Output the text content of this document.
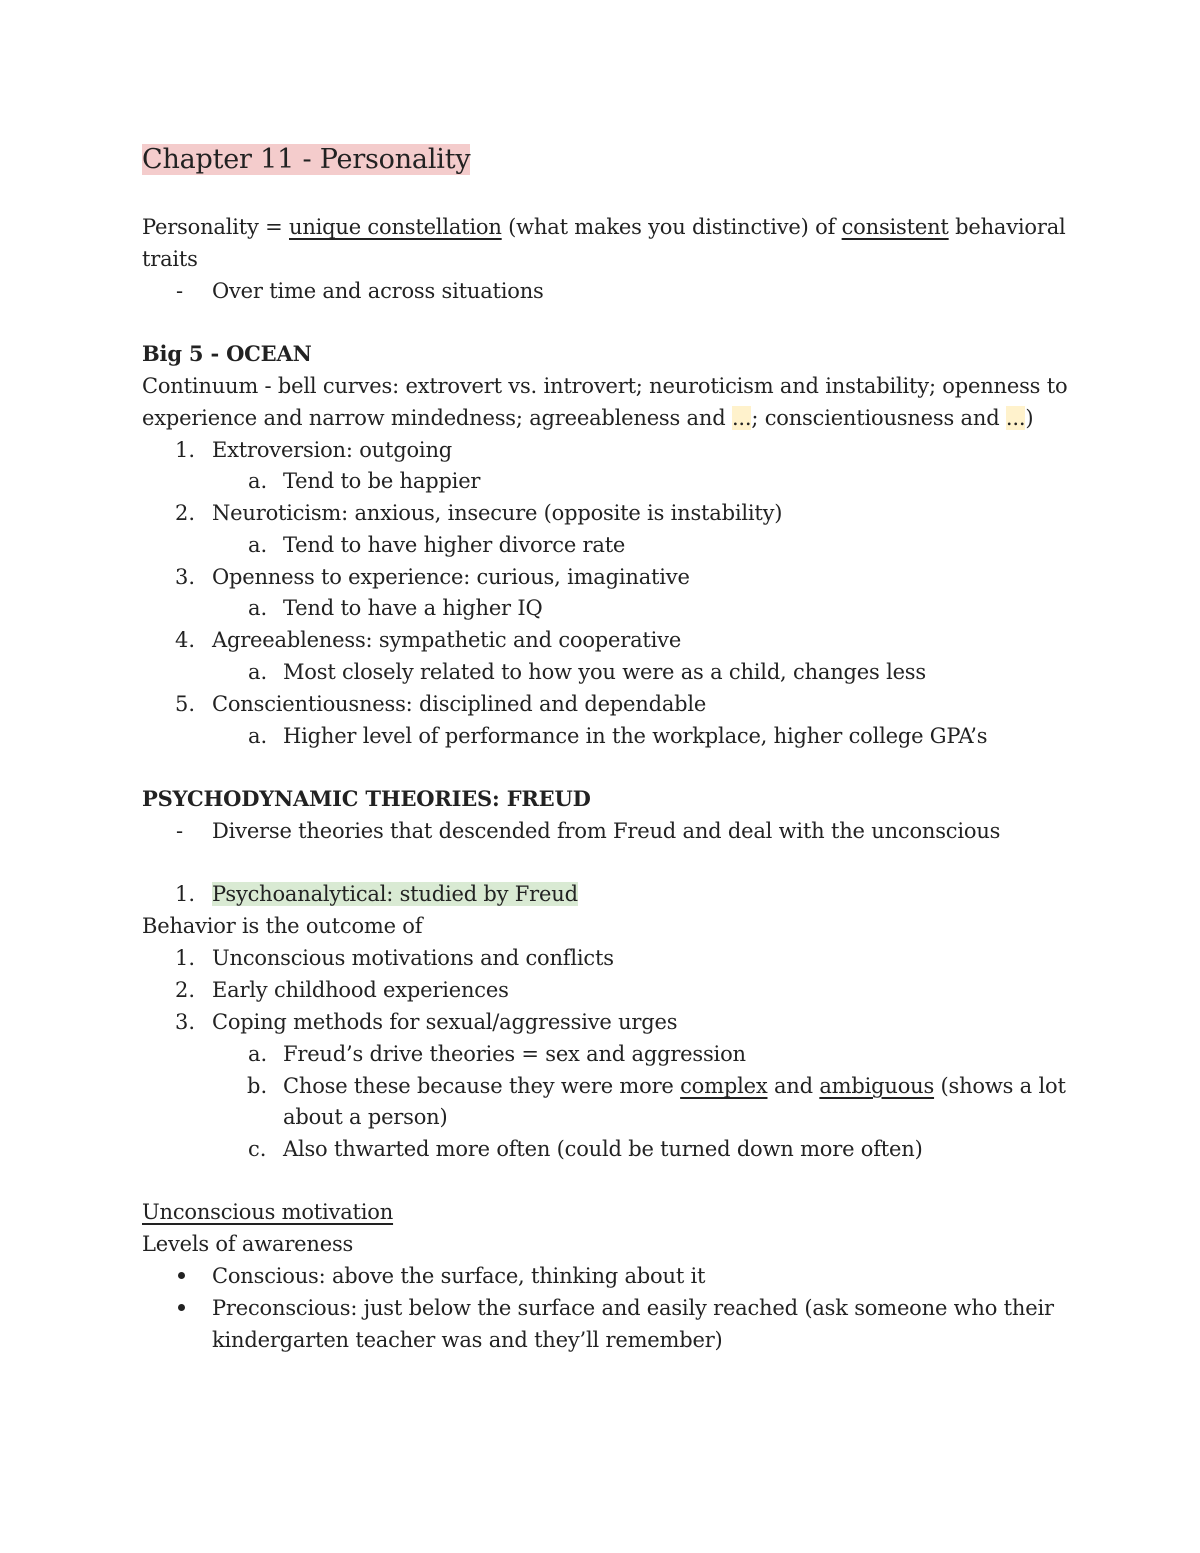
Chapter 11 - Personality
Personality = unique constellation (what makes you distinctive) of consistent behavioral
traits
- Over time and across situations
Big 5 - OCEAN
Continuum - bell curves: extrovert vs. introvert; neuroticism and instability; openness to
experience and narrow mindedness; agreeableness and ...; conscientiousness and ...)
1. Extroversion: outgoing
a. Tend to be happier
2. Neuroticism: anxious, insecure (opposite is instability)
a. Tend to have higher divorce rate
3. Openness to experience: curious, imaginative
a. Tend to have a higher IQ
4. Agreeableness: sympathetic and cooperative
a. Most closely related to how you were as a child, changes less
5. Conscientiousness: disciplined and dependable
a. Higher level of performance in the workplace, higher college GPA’s
PSYCHODYNAMIC THEORIES: FREUD
- Diverse theories that descended from Freud and deal with the unconscious
1. Psychoanalytical: studied by Freud
Behavior is the outcome of
1. Unconscious motivations and conflicts
2. Early childhood experiences
3. Coping methods for sexual/aggressive urges
a. Freud’s drive theories = sex and aggression
b. Chose these because they were more complex and ambiguous (shows a lot
about a person)
c. Also thwarted more often (could be turned down more often)
Unconscious motivation
Levels of awareness
Conscious: above the surface, thinking about it
Preconscious: just below the surface and easily reached (ask someone who their
kindergarten teacher was and they’ll remember)
